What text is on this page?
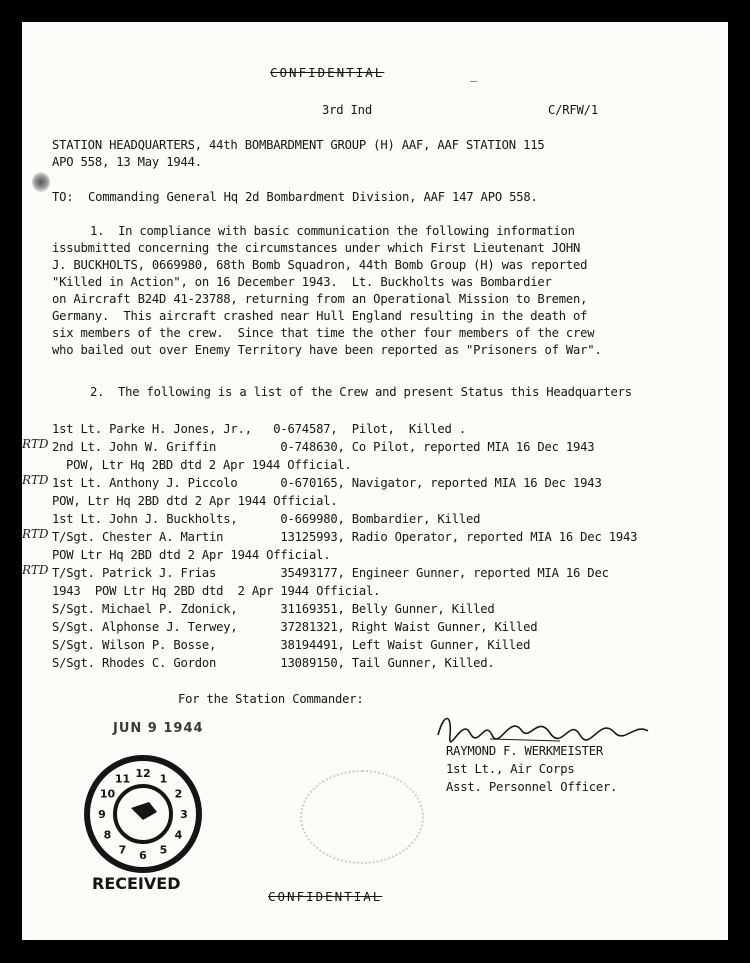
CONFIDENTIAL	_
3rd Ind	C/RFW/1
STATION HEADQUARTERS, 44th BOMBARDMENT GROUP (H) AAF, AAF STATION 115
APO 558, 13 May 1944.
TO: Commanding General Hq 2d Bombardment Division, AAF 147 APO 558.
1. In compliance with basic communication the following information
issubmitted concerning the circumstances under which First Lieutenant JOHN
J. BUCKHOLTS, 0669980, 68th Bomb Squadron, 44th Bomb Group (H) was reported
"Killed in Action", on 16 December 1943.  Lt. Buckholts was Bombardier
on Aircraft B24D 41-23788, returning from an Operational Mission to Bremen,
Germany.  This aircraft crashed near Hull England resulting in the death of
six members of the crew.  Since that time the other four members of the crew
who bailed out over Enemy Territory have been reported as "Prisoners of War".
2. The following is a list of the Crew and present Status this Headquarters
1st Lt. Parke H. Jones, Jr.,   0-674587,  Pilot,  Killed .
2nd Lt. John W. Griffin         0-748630, Co Pilot, reported MIA 16 Dec 1943
POW, Ltr Hq 2BD dtd 2 Apr 1944 Official.
1st Lt. Anthony J. Piccolo      0-670165, Navigator, reported MIA 16 Dec 1943
POW, Ltr Hq 2BD dtd 2 Apr 1944 Official.
1st Lt. John J. Buckholts,      0-669980, Bombardier, Killed
T/Sgt. Chester A. Martin        13125993, Radio Operator, reported MIA 16 Dec 1943
POW Ltr Hq 2BD dtd 2 Apr 1944 Official.
T/Sgt. Patrick J. Frias         35493177, Engineer Gunner, reported MIA 16 Dec
1943  POW Ltr Hq 2BD dtd  2 Apr 1944 Official.
S/Sgt. Michael P. Zdonick,      31169351, Belly Gunner, Killed
S/Sgt. Alphonse J. Terwey,      37281321, Right Waist Gunner, Killed
S/Sgt. Wilson P. Bosse,         38194491, Left Waist Gunner, Killed
S/Sgt. Rhodes C. Gordon         13089150, Tail Gunner, Killed.
RTD
RTD
RTD
RTD
For the Station Commander:
RAYMOND F. WERKMEISTER
1st Lt., Air Corps
Asst. Personnel Officer.
JUN 9 1944
12 1
2
3
4
5
6
7
8
9
10
11
RECEIVED
CONFIDENTIAL
